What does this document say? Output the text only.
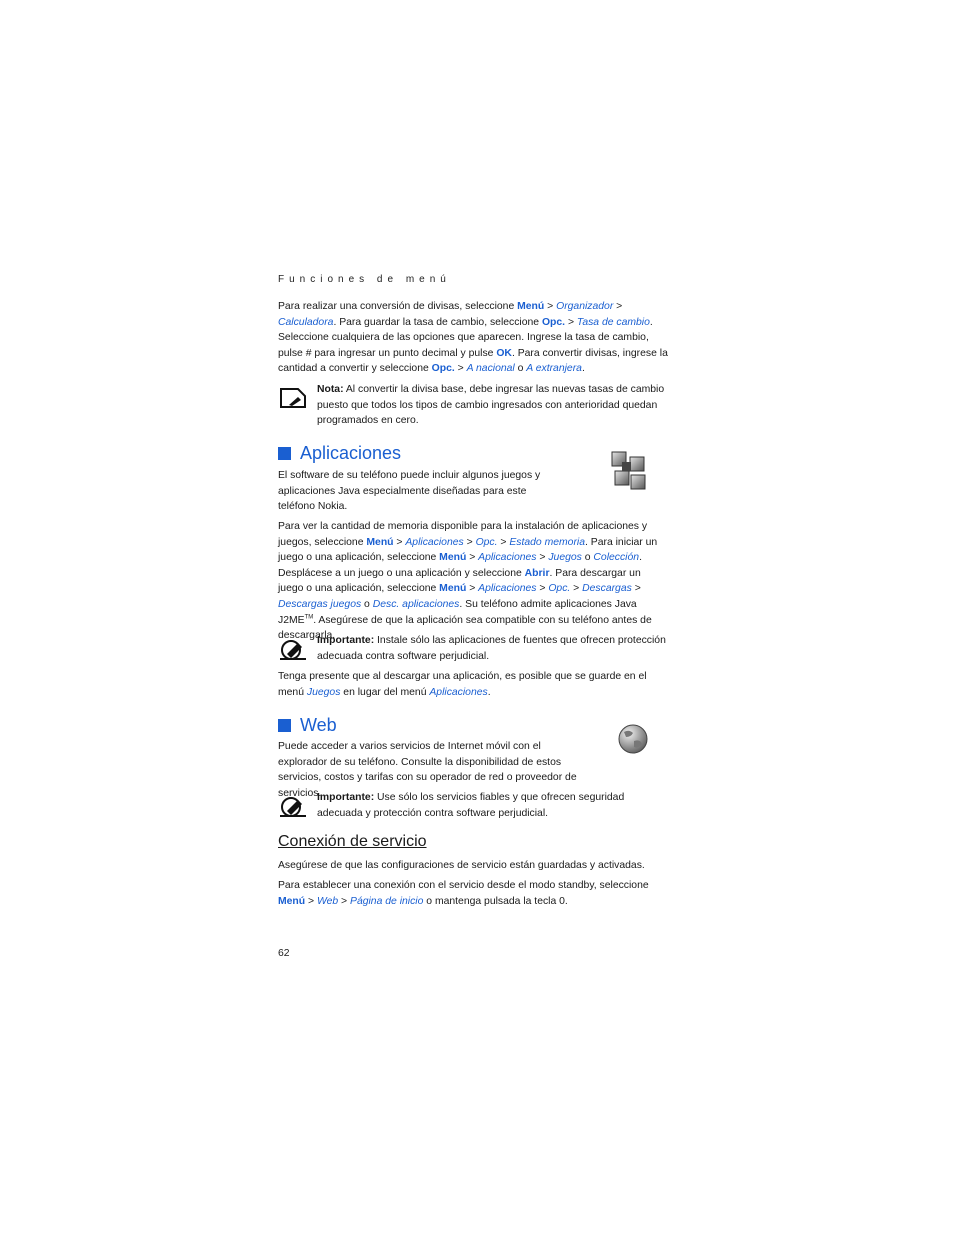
Funciones de menú
Para realizar una conversión de divisas, seleccione Menú > Organizador > Calculadora. Para guardar la tasa de cambio, seleccione Opc. > Tasa de cambio. Seleccione cualquiera de las opciones que aparecen. Ingrese la tasa de cambio, pulse # para ingresar un punto decimal y pulse OK. Para convertir divisas, ingrese la cantidad a convertir y seleccione Opc. > A nacional o A extranjera.
Nota: Al convertir la divisa base, debe ingresar las nuevas tasas de cambio puesto que todos los tipos de cambio ingresados con anterioridad quedan programados en cero.
Aplicaciones
El software de su teléfono puede incluir algunos juegos y aplicaciones Java especialmente diseñadas para este teléfono Nokia.
Para ver la cantidad de memoria disponible para la instalación de aplicaciones y juegos, seleccione Menú > Aplicaciones > Opc. > Estado memoria. Para iniciar un juego o una aplicación, seleccione Menú > Aplicaciones > Juegos o Colección. Desplácese a un juego o una aplicación y seleccione Abrir. Para descargar un juego o una aplicación, seleccione Menú > Aplicaciones > Opc. > Descargas > Descargas juegos o Desc. aplicaciones. Su teléfono admite aplicaciones Java J2ME™. Asegúrese de que la aplicación sea compatible con su teléfono antes de descargarla.
Importante: Instale sólo las aplicaciones de fuentes que ofrecen protección adecuada contra software perjudicial.
Tenga presente que al descargar una aplicación, es posible que se guarde en el menú Juegos en lugar del menú Aplicaciones.
Web
Puede acceder a varios servicios de Internet móvil con el explorador de su teléfono. Consulte la disponibilidad de estos servicios, costos y tarifas con su operador de red o proveedor de servicios.
Importante: Use sólo los servicios fiables y que ofrecen seguridad adecuada y protección contra software perjudicial.
Conexión de servicio
Asegúrese de que las configuraciones de servicio están guardadas y activadas.
Para establecer una conexión con el servicio desde el modo standby, seleccione Menú > Web > Página de inicio o mantenga pulsada la tecla 0.
62
